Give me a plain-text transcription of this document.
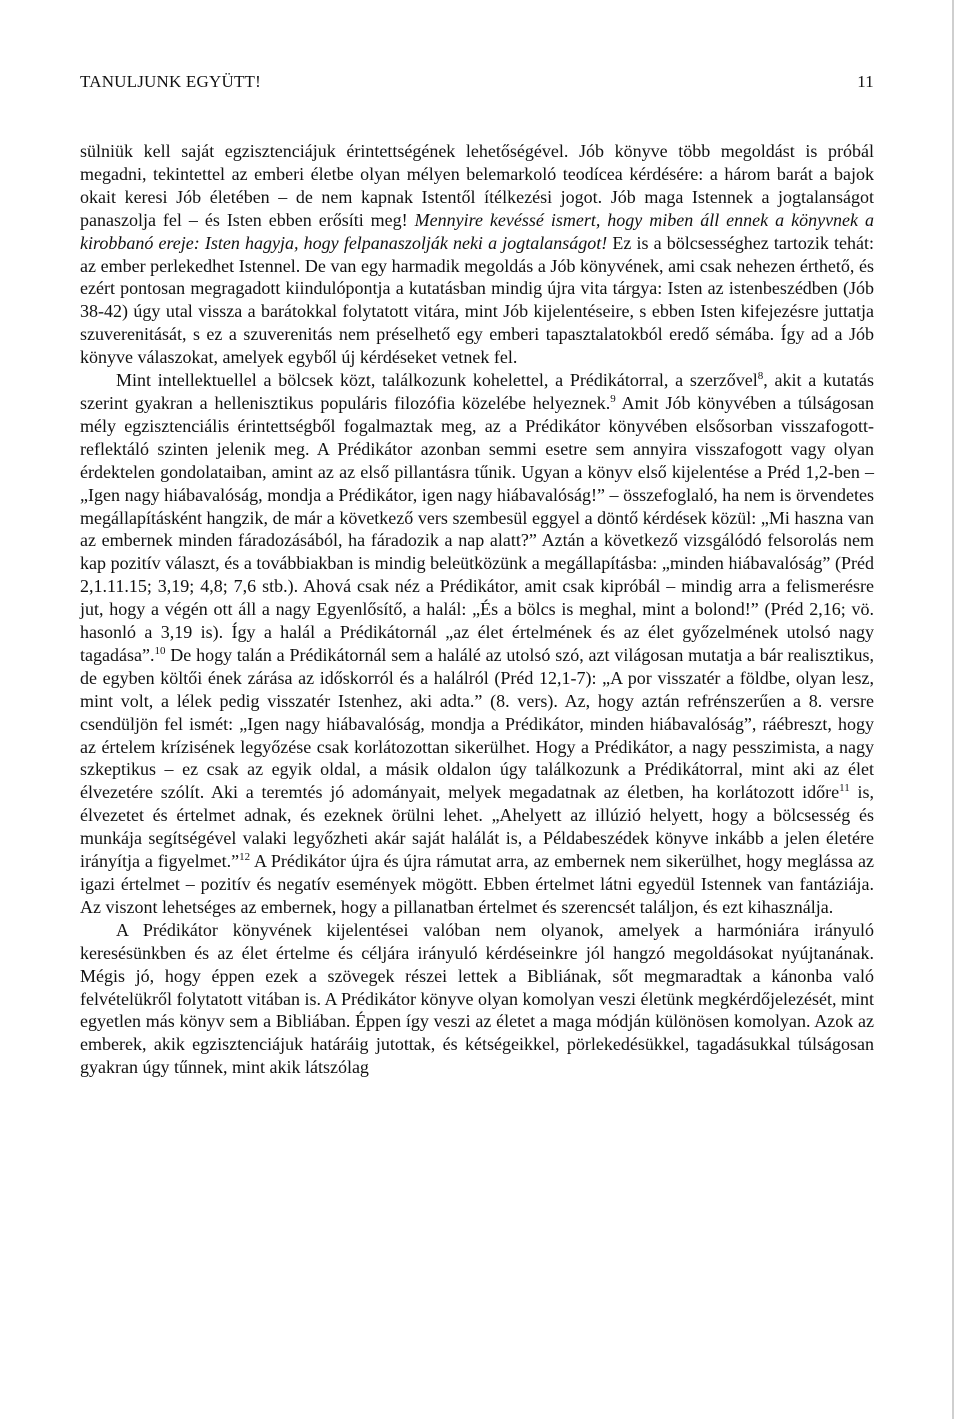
TANULJUNK EGYÜTT!	11

sülniük kell saját egzisztenciájuk érintettségének lehetőségével. Jób könyve több megoldást is próbál megadni, tekintettel az emberi életbe olyan mélyen belemarkoló teodícea kérdésére: a három barát a bajok okait keresi Jób életében – de nem kapnak Istentől ítélkezési jogot. Jób maga Istennek a jogtalanságot panaszolja fel – és Isten ebben erősíti meg! Mennyire kevéssé ismert, hogy miben áll ennek a könyvnek a kirobbanó ereje: Isten hagyja, hogy felpanaszolják neki a jogtalanságot! Ez is a bölcsességhez tartozik tehát: az ember perlekedhet Istennel. De van egy harmadik megoldás a Jób könyvének, ami csak nehezen érthető, és ezért pontosan megragadott kiindulópontja a kutatásban mindig újra vita tárgya: Isten az istenbeszédben (Jób 38-42) úgy utal vissza a barátokkal folytatott vitára, mint Jób kijelentéseire, s ebben Isten kifejezésre juttatja szuverenitását, s ez a szuverenitás nem préselhető egy emberi tapasztalatokból eredő sémába. Így ad a Jób könyve válaszokat, amelyek egyből új kérdéseket vetnek fel.

Mint intellektuellel a bölcsek közt, találkozunk kohelettel, a Prédikátorral, a szerzővel$^8$, akit a kutatás szerint gyakran a hellenisztikus populáris filozófia közelébe helyeznek.$^9$ Amit Jób könyvében a túlságosan mély egzisztenciális érintettségből fogalmaztak meg, az a Prédikátor könyvében elsősorban visszafogott-reflektáló szinten jelenik meg. A Prédikátor azonban semmi esetre sem annyira visszafogott vagy olyan érdektelen gondolataiban, amint az az első pillantásra tűnik. Ugyan a könyv első kijelentése a Préd 1,2-ben – „Igen nagy hiábavalóság, mondja a Prédikátor, igen nagy hiábavalóság!” – összefoglaló, ha nem is örvendetes megállapításként hangzik, de már a következő vers szembesül eggyel a döntő kérdések közül: „Mi haszna van az embernek minden fáradozásából, ha fáradozik a nap alatt?” Aztán a következő vizsgálódó felsorolás nem kap pozitív választ, és a továbbiakban is mindig beleütközünk a megállapításba: „minden hiábavalóság” (Préd 2,1.11.15; 3,19; 4,8; 7,6 stb.). Ahová csak néz a Prédikátor, amit csak kipróbál – mindig arra a felismerésre jut, hogy a végén ott áll a nagy Egyenlősítő, a halál: „És a bölcs is meghal, mint a bolond!” (Préd 2,16; vö. hasonló a 3,19 is). Így a halál a Prédikátornál „az élet értelmének és az élet győzelmének utolsó nagy tagadása”.$^{10}$ De hogy talán a Prédikátornál sem a halálé az utolsó szó, azt világosan mutatja a bár realisztikus, de egyben költői ének zárása az időskorról és a halálról (Préd 12,1-7): „A por visszatér a földbe, olyan lesz, mint volt, a lélek pedig visszatér Istenhez, aki adta.” (8. vers). Az, hogy aztán refrénszerűen a 8. versre csendüljön fel ismét: „Igen nagy hiábavalóság, mondja a Prédikátor, minden hiábavalóság”, ráébreszt, hogy az értelem krízisének legyőzése csak korlátozottan sikerülhet. Hogy a Prédikátor, a nagy pesszimista, a nagy szkeptikus – ez csak az egyik oldal, a másik oldalon úgy találkozunk a Prédikátorral, mint aki az élet élvezetére szólít. Aki a teremtés jó adományait, melyek megadatnak az életben, ha korlátozott időre$^{11}$ is, élvezetet és értelmet adnak, és ezeknek örülni lehet. „Ahelyett az illúzió helyett, hogy a bölcsesség és munkája segítségével valaki legyőzheti akár saját halálát is, a Példabeszédek könyve inkább a jelen életére irányítja a figyelmet.”$^{12}$ A Prédikátor újra és újra rámutat arra, az embernek nem sikerülhet, hogy meglássa az igazi értelmet – pozitív és negatív események mögött. Ebben értelmet látni egyedül Istennek van fantáziája. Az viszont lehetséges az embernek, hogy a pillanatban értelmet és szerencsét találjon, és ezt kihasználja.

A Prédikátor könyvének kijelentései valóban nem olyanok, amelyek a harmóniára irányuló keresésünkben és az élet értelme és céljára irányuló kérdéseinkre jól hangzó megoldásokat nyújtanának. Mégis jó, hogy éppen ezek a szövegek részei lettek a Bibliának, sőt megmaradtak a kánonba való felvételükről folytatott vitában is. A Prédikátor könyve olyan komolyan veszi életünk megkérdőjelezését, mint egyetlen más könyv sem a Bibliában. Éppen így veszi az életet a maga módján különösen komolyan. Azok az emberek, akik egzisztenciájuk határáig jutottak, és kétségeikkel, pörlekedésükkel, tagadásukkal túlságosan gyakran úgy tűnnek, mint akik látszólag
